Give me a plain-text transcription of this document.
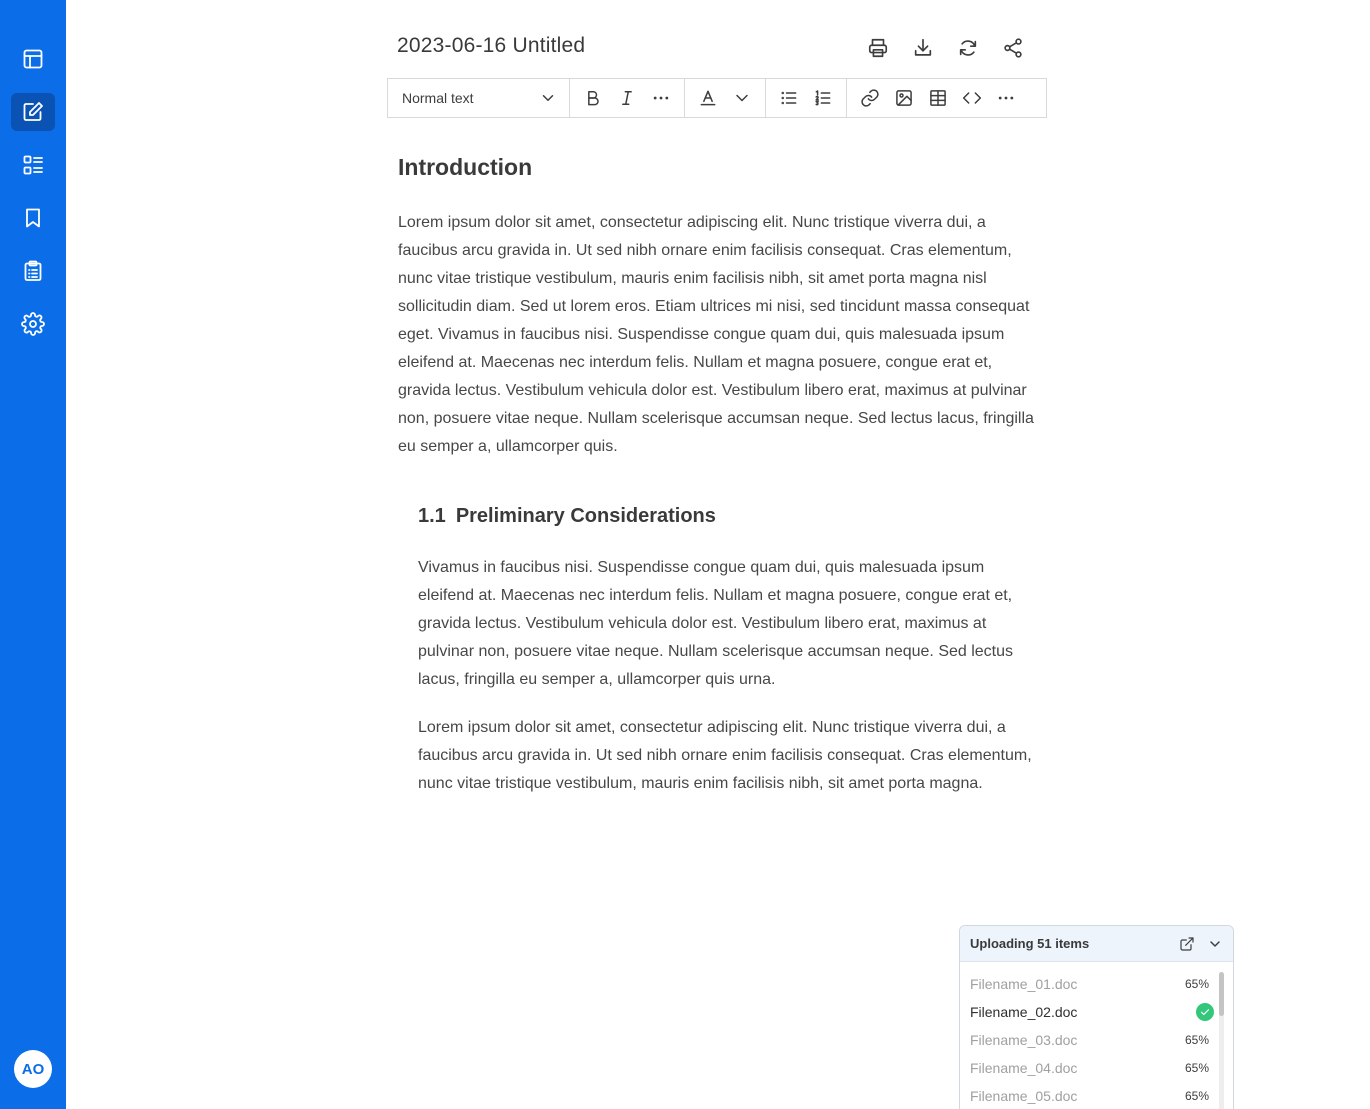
AO
2023-06-16 Untitled
Normal text
Introduction

Lorem ipsum dolor sit amet, consectetur adipiscing elit. Nunc tristique viverra dui, a faucibus arcu gravida in. Ut sed nibh ornare enim facilisis consequat. Cras elementum, nunc vitae tristique vestibulum, mauris enim facilisis nibh, sit amet porta magna nisl sollicitudin diam. Sed ut lorem eros. Etiam ultrices mi nisi, sed tincidunt massa consequat eget. Vivamus in faucibus nisi. Suspendisse congue quam dui, quis malesuada ipsum eleifend at. Maecenas nec interdum felis. Nullam et magna posuere, congue erat et, gravida lectus. Vestibulum vehicula dolor est. Vestibulum libero erat, maximus at pulvinar non, posuere vitae neque. Nullam scelerisque accumsan neque. Sed lectus lacus, fringilla eu semper a, ullamcorper quis.

1.1 Preliminary Considerations

Vivamus in faucibus nisi. Suspendisse congue quam dui, quis malesuada ipsum eleifend at. Maecenas nec interdum felis. Nullam et magna posuere, congue erat et, gravida lectus. Vestibulum vehicula dolor est. Vestibulum libero erat, maximus at pulvinar non, posuere vitae neque. Nullam scelerisque accumsan neque. Sed lectus lacus, fringilla eu semper a, ullamcorper quis urna.

Lorem ipsum dolor sit amet, consectetur adipiscing elit. Nunc tristique viverra dui, a faucibus arcu gravida in. Ut sed nibh ornare enim facilisis consequat. Cras elementum, nunc vitae tristique vestibulum, mauris enim facilisis nibh, sit amet porta magna.

Uploading 51 items
Filename_01.doc	65%
Filename_02.doc
Filename_03.doc	65%
Filename_04.doc	65%
Filename_05.doc	65%
